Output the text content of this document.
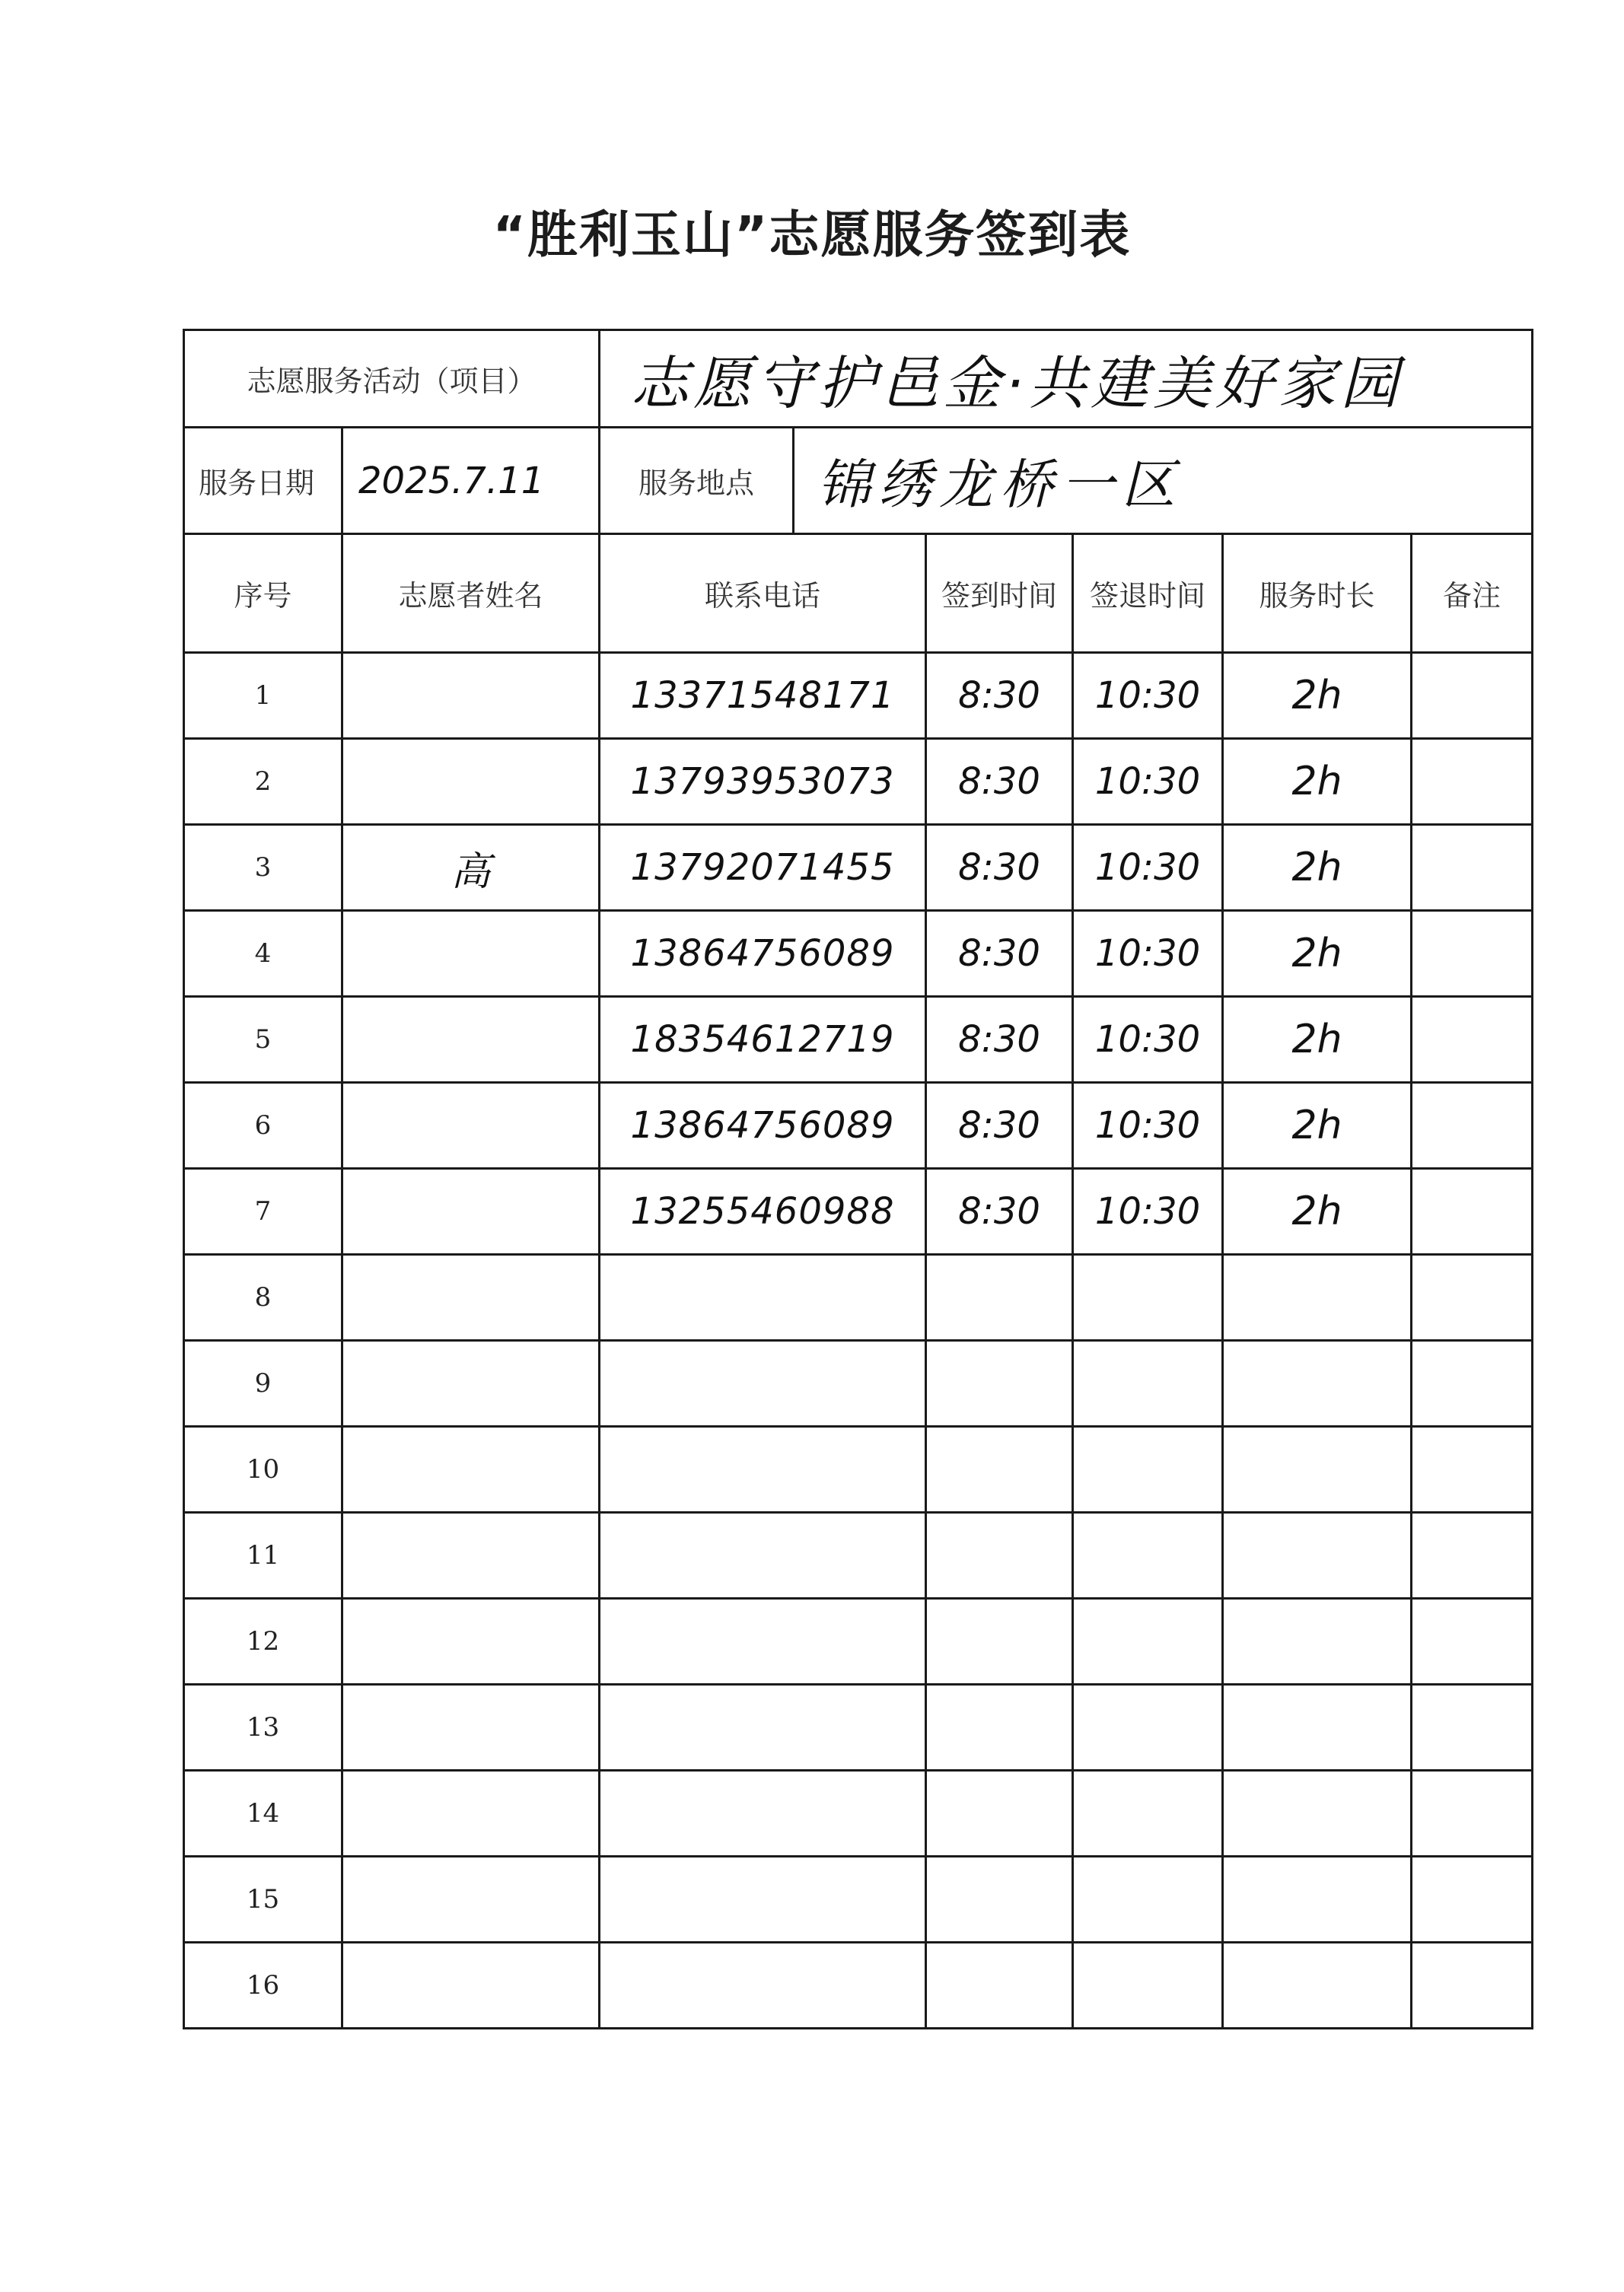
“胜利玉山”志愿服务签到表
志愿服务活动（项目）		志愿守护邑金·共建美好家园					
服务日期	2025.7.11	服务地点	锦绣龙桥一区				
序号	志愿者姓名	联系电话		签到时间	签退时间	服务时长	备注
1		13371548171		8:30	10:30	2h	
2		13793953073		8:30	10:30	2h	
3	高	13792071455		8:30	10:30	2h	
4		13864756089		8:30	10:30	2h	
5		18354612719		8:30	10:30	2h	
6		13864756089		8:30	10:30	2h	
7		13255460988		8:30	10:30	2h	
8							
9							
10							
11							
12							
13							
14							
15							
16							
